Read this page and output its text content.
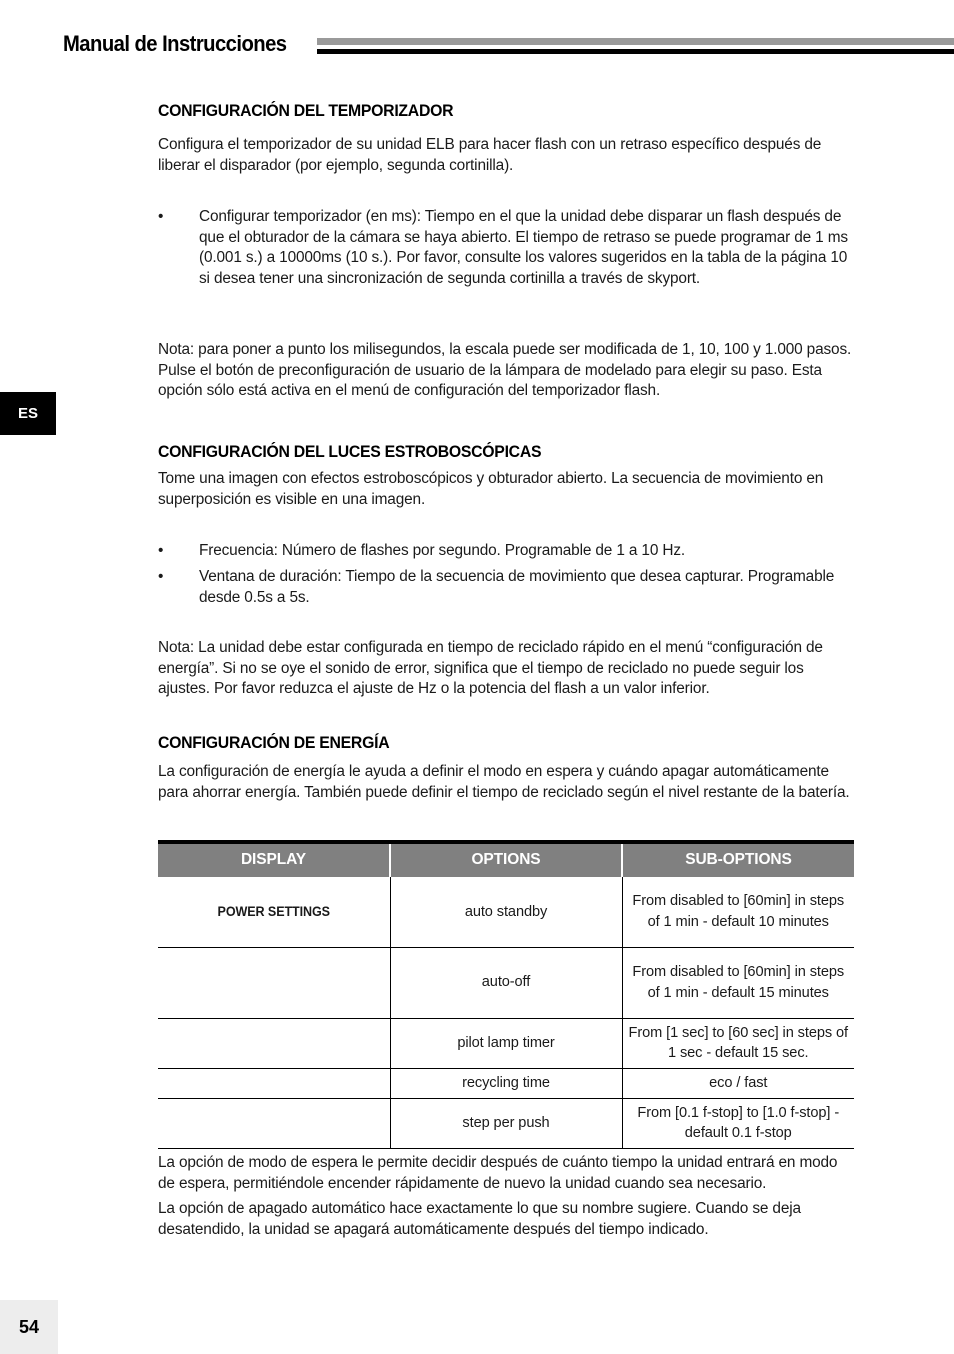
Manual de Instrucciones
ES
CONFIGURACIÓN DEL TEMPORIZADOR

Configura el temporizador de su unidad ELB para hacer flash con un retraso específico después de liberar el disparador (por ejemplo, segunda cortinilla).

• Configurar temporizador (en ms): Tiempo en el que la unidad debe disparar un flash después de que el obturador de la cámara se haya abierto. El tiempo de retraso se puede programar de 1 ms (0.001 s.) a 10000ms (10 s.). Por favor, consulte los valores sugeridos en la tabla de la página 10 si desea tener una sincronización de segunda cortinilla a través de skyport.

Nota: para poner a punto los milisegundos, la escala puede ser modificada de 1, 10, 100 y 1.000 pasos. Pulse el botón de preconfiguración de usuario de la lámpara de modelado para elegir su paso. Esta opción sólo está activa en el menú de configuración del temporizador flash.

CONFIGURACIÓN DEL LUCES ESTROBOSCÓPICAS

Tome una imagen con efectos estroboscópicos y obturador abierto. La secuencia de movimiento en superposición es visible en una imagen.

• Frecuencia: Número de flashes por segundo. Programable de 1 a 10 Hz.
• Ventana de duración: Tiempo de la secuencia de movimiento que desea capturar. Programable desde 0.5s a 5s.

Nota: La unidad debe estar configurada en tiempo de reciclado rápido en el menú “configuración de energía”. Si no se oye el sonido de error, significa que el tiempo de reciclado no puede seguir los ajustes. Por favor reduzca el ajuste de Hz o la potencia del flash a un valor inferior.

CONFIGURACIÓN DE ENERGÍA

La configuración de energía le ayuda a definir el modo en espera y cuándo apagar automáticamente para ahorrar energía. También puede definir el tiempo de reciclado según el nivel restante de la batería.

DISPLAY	OPTIONS	SUB-OPTIONS
POWER SETTINGS	auto standby	From disabled to [60min] in steps of 1 min - default 10 minutes
	auto-off	From disabled to [60min] in steps of 1 min - default 15 minutes
	pilot lamp timer	From [1 sec] to [60 sec] in steps of 1 sec - default 15 sec.
	recycling time	eco / fast
	step per push	From [0.1 f-stop] to [1.0 f-stop] - default 0.1 f-stop

La opción de modo de espera le permite decidir después de cuánto tiempo la unidad entrará en modo de espera, permitiéndole encender rápidamente de nuevo la unidad cuando sea necesario.

La opción de apagado automático hace exactamente lo que su nombre sugiere. Cuando se deja desatendido, la unidad se apagará automáticamente después del tiempo indicado.

54
